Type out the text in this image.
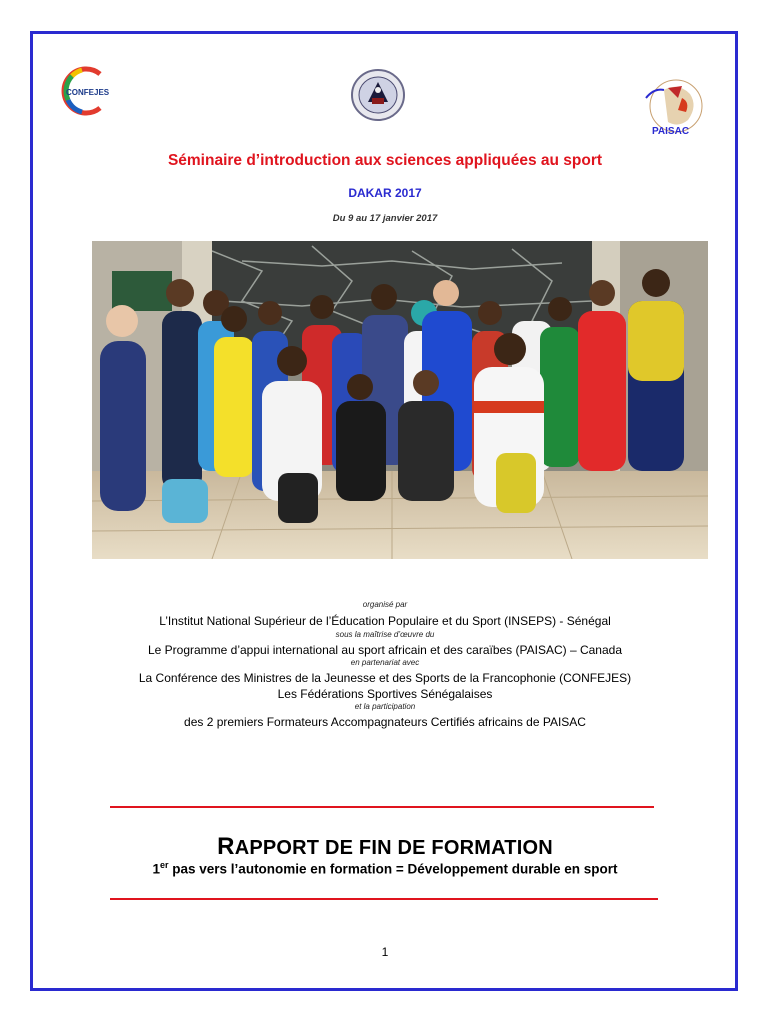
CONFEJES
PAISAC
Séminaire d’introduction aux sciences appliquées au sport
DAKAR 2017
Du 9 au 17 janvier 2017
organisé par
L’Institut National Supérieur de l’Éducation Populaire et du Sport (INSEPS) - Sénégal
sous la maîtrise d’œuvre du
Le Programme d’appui international au sport africain et des caraïbes (PAISAC) – Canada
en partenariat avec
La Conférence des Ministres de la Jeunesse et des Sports de la Francophonie (CONFEJES)
Les Fédérations Sportives Sénégalaises
et la participation
des 2 premiers Formateurs Accompagnateurs Certifiés africains de PAISAC
RAPPORT DE FIN DE FORMATION
1er pas vers l’autonomie en formation = Développement durable en sport
1
